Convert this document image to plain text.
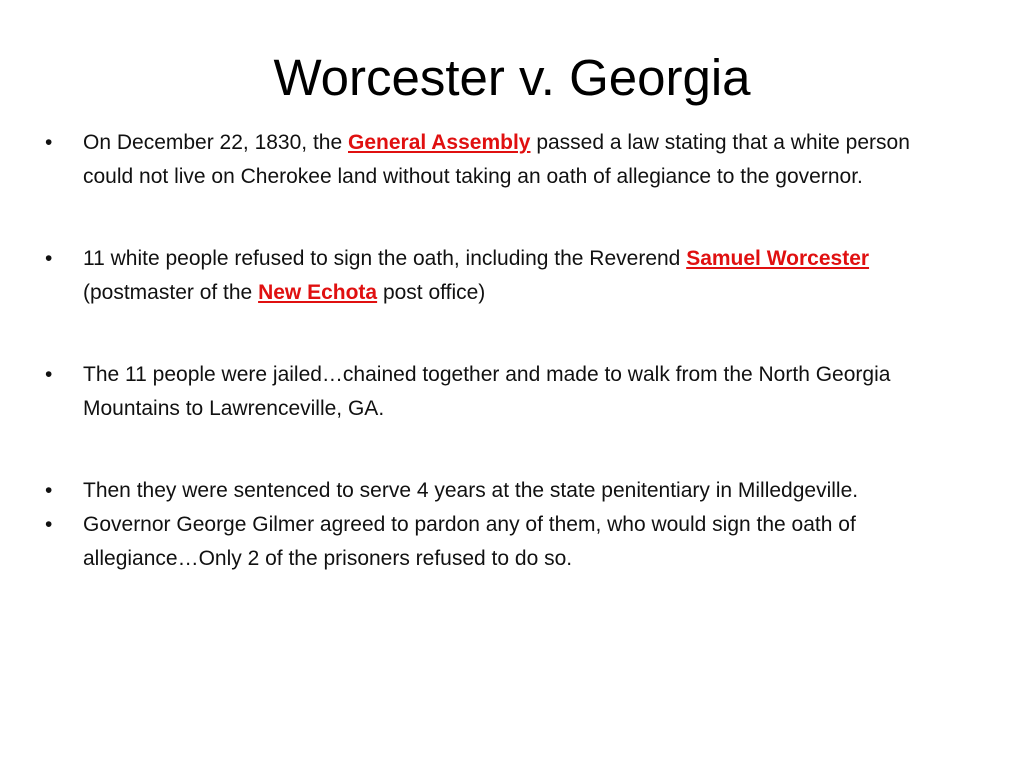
Worcester v. Georgia
•	On December 22, 1830, the General Assembly passed a law stating that a white person could not live on Cherokee land without taking an oath of allegiance to the governor.
•	11 white people refused to sign the oath, including the Reverend Samuel Worcester (postmaster of the New Echota post office)
•	The 11 people were jailed…chained together and made to walk from the North Georgia Mountains to Lawrenceville, GA.
•	Then they were sentenced to serve 4 years at the state penitentiary in Milledgeville.
•	Governor George Gilmer agreed to pardon any of them, who would sign the oath of allegiance…Only 2 of the prisoners refused to do so.
